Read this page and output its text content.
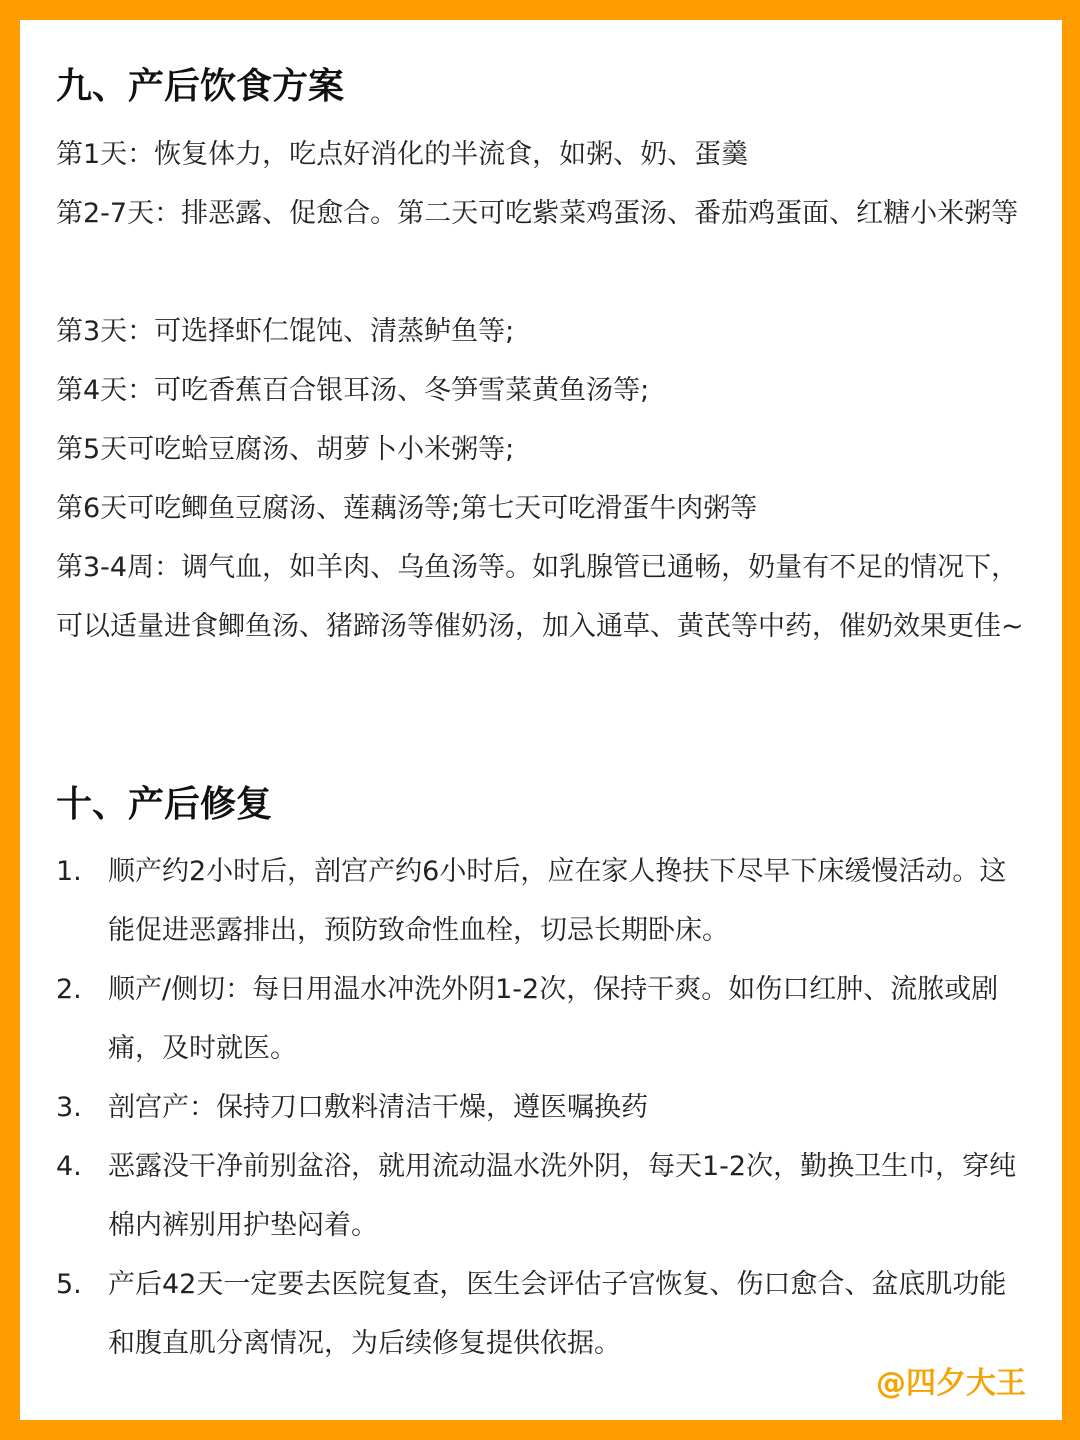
九、产后饮食方案

第1天：恢复体力，吃点好消化的半流食，如粥、奶、蛋羹

第2-7天：排恶露、促愈合。第二天可吃紫菜鸡蛋汤、番茄鸡蛋面、红糖小米粥等

第3天：可选择虾仁馄饨、清蒸鲈鱼等;

第4天：可吃香蕉百合银耳汤、冬笋雪菜黄鱼汤等;

第5天可吃蛤豆腐汤、胡萝卜小米粥等;

第6天可吃鲫鱼豆腐汤、莲藕汤等;第七天可吃滑蛋牛肉粥等

第3-4周：调气血，如羊肉、乌鱼汤等。如乳腺管已通畅，奶量有不足的情况下，可以适量进食鲫鱼汤、猪蹄汤等催奶汤，加入通草、黄芪等中药，催奶效果更佳~

十、产后修复
1. 顺产约2小时后，剖宫产约6小时后，应在家人搀扶下尽早下床缓慢活动。这能促进恶露排出，预防致命性血栓，切忌长期卧床。
2. 顺产/侧切：每日用温水冲洗外阴1-2次，保持干爽。如伤口红肿、流脓或剧痛，及时就医。
3. 剖宫产：保持刀口敷料清洁干燥，遵医嘱换药
4. 恶露没干净前别盆浴，就用流动温水洗外阴，每天1-2次，勤换卫生巾，穿纯棉内裤别用护垫闷着。
5. 产后42天一定要去医院复查，医生会评估子宫恢复、伤口愈合、盆底肌功能和腹直肌分离情况，为后续修复提供依据。
@四夕大王
